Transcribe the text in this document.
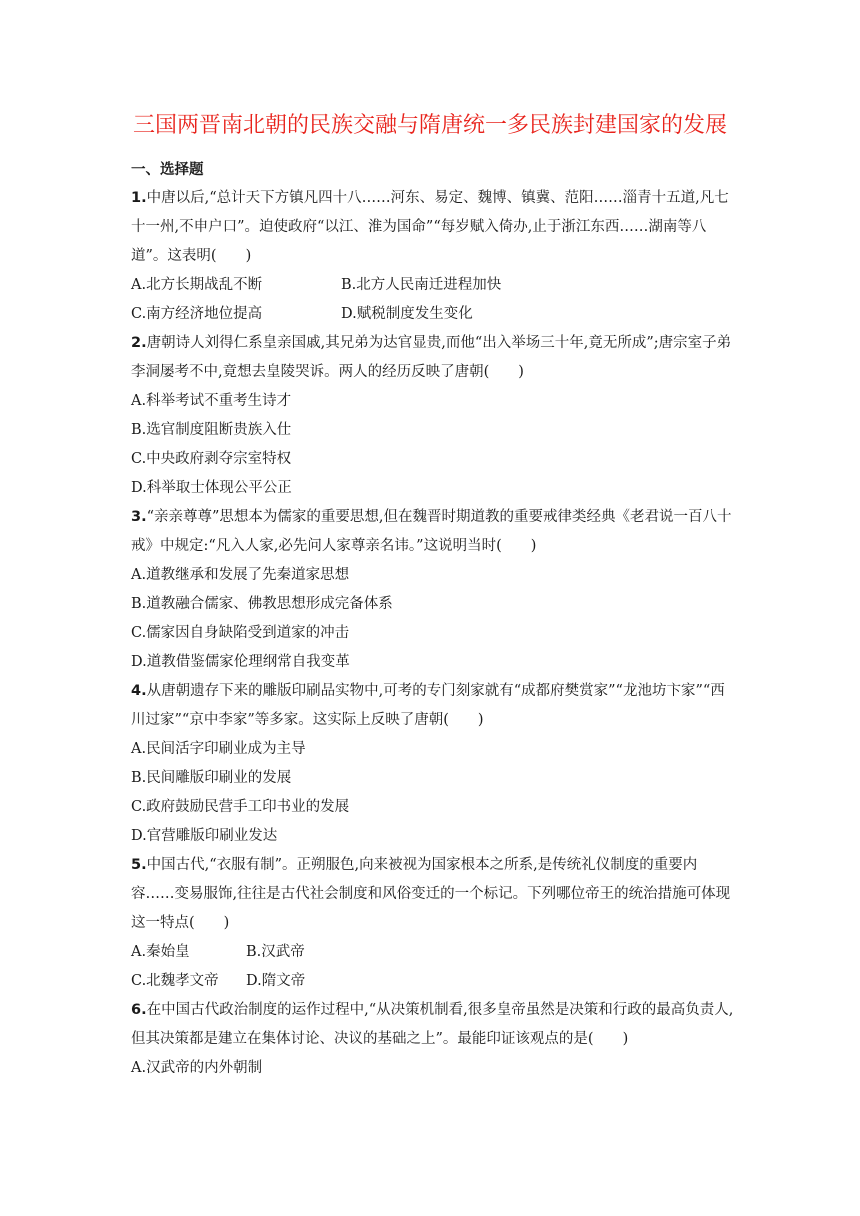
三国两晋南北朝的民族交融与隋唐统一多民族封建国家的发展
一、选择题

1.中唐以后,“总计天下方镇凡四十八……河东、易定、魏博、镇冀、范阳……淄青十五道,凡七十一州,不申户口”。迫使政府“以江、淮为国命”“每岁赋入倚办,止于浙江东西……湖南等八道”。这表明(　　)

A.北方长期战乱不断	B.北方人民南迁进程加快
C.南方经济地位提高	D.赋税制度发生变化

2.唐朝诗人刘得仁系皇亲国戚,其兄弟为达官显贵,而他“出入举场三十年,竟无所成”;唐宗室子弟李洞屡考不中,竟想去皇陵哭诉。两人的经历反映了唐朝(　　)

A.科举考试不重考生诗才
B.选官制度阻断贵族入仕
C.中央政府剥夺宗室特权
D.科举取士体现公平公正

3.“亲亲尊尊”思想本为儒家的重要思想,但在魏晋时期道教的重要戒律类经典《老君说一百八十戒》中规定:“凡入人家,必先问人家尊亲名讳。”这说明当时(　　)

A.道教继承和发展了先秦道家思想
B.道教融合儒家、佛教思想形成完备体系
C.儒家因自身缺陷受到道家的冲击
D.道教借鉴儒家伦理纲常自我变革

4.从唐朝遗存下来的雕版印刷品实物中,可考的专门刻家就有“成都府樊赏家”“龙池坊卞家”“西川过家”“京中李家”等多家。这实际上反映了唐朝(　　)

A.民间活字印刷业成为主导
B.民间雕版印刷业的发展
C.政府鼓励民营手工印书业的发展
D.官营雕版印刷业发达

5.中国古代,“衣服有制”。正朔服色,向来被视为国家根本之所系,是传统礼仪制度的重要内容……变易服饰,往往是古代社会制度和风俗变迁的一个标记。下列哪位帝王的统治措施可体现这一特点(　　)

A.秦始皇	B.汉武帝
C.北魏孝文帝 D.隋文帝

6.在中国古代政治制度的运作过程中,“从决策机制看,很多皇帝虽然是决策和行政的最高负责人,但其决策都是建立在集体讨论、决议的基础之上”。最能印证该观点的是(　　)

A.汉武帝的内外朝制
